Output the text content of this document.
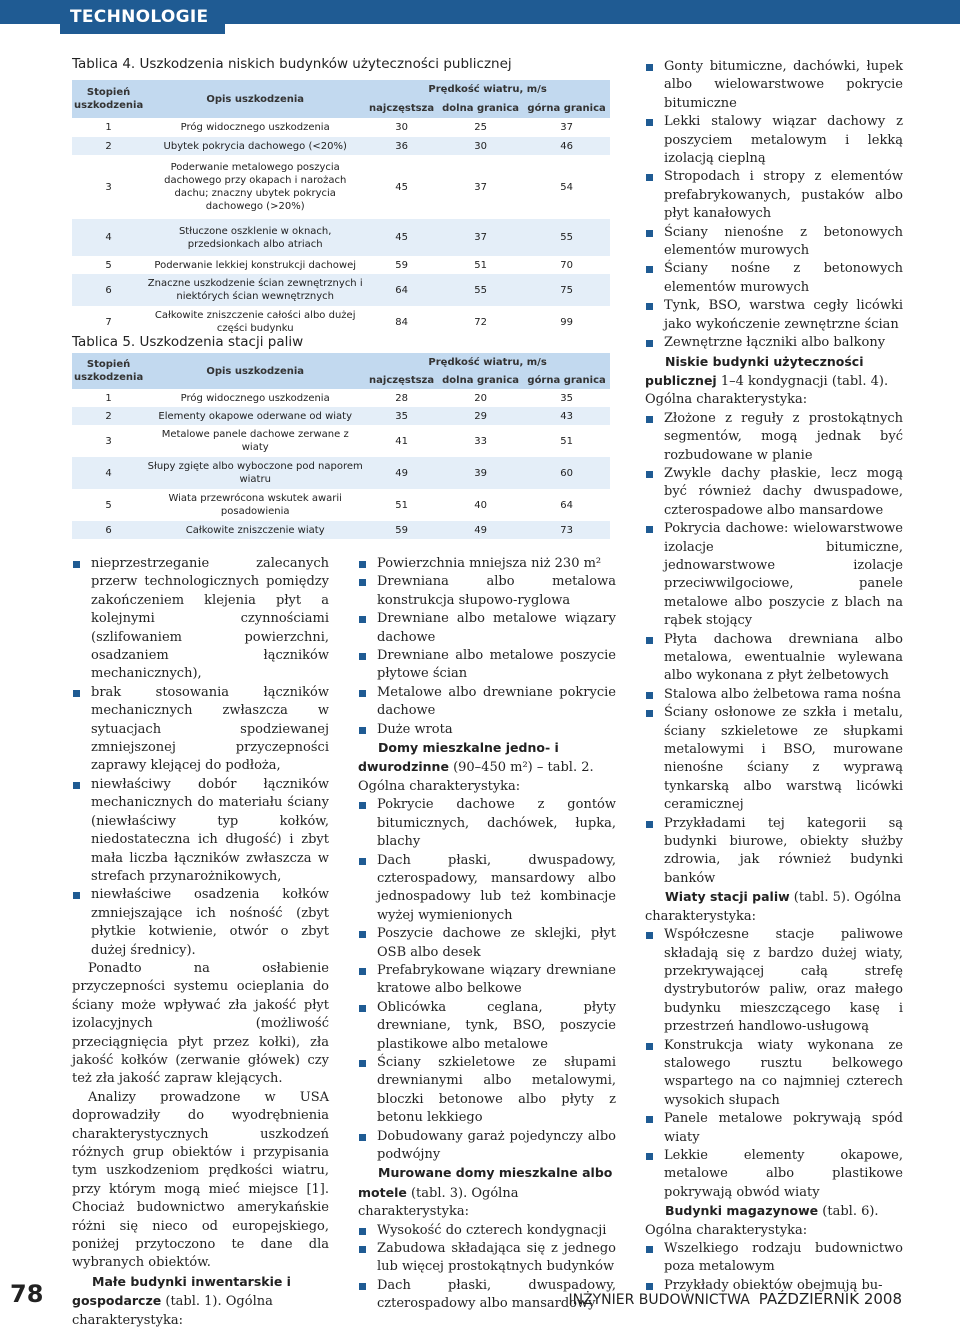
TECHNOLOGIE
Tablica 4. Uszkodzenia niskich budynków użyteczności publicznej
Stopień uszkodzenia	Opis uszkodzenia	Prędkość wiatru, m/s		
		najczęstsza	dolna granica	górna granica
1	Próg widocznego uszkodzenia	30	25	37
2	Ubytek pokrycia dachowego (<20%)	36	30	46
3	Poderwanie metalowego poszycia dachowego przy okapach i narożach dachu; znaczny ubytek pokrycia dachowego (>20%)	45	37	54
4	Stłuczone oszklenie w oknach, przedsionkach albo atriach	45	37	55
5	Poderwanie lekkiej konstrukcji dachowej	59	51	70
6	Znaczne uszkodzenie ścian zewnętrznych i niektórych ścian wewnętrznych	64	55	75
7	Całkowite zniszczenie całości albo dużej części budynku	84	72	99
Tablica 5. Uszkodzenia stacji paliw
Stopień uszkodzenia	Opis uszkodzenia	Prędkość wiatru, m/s		
		najczęstsza	dolna granica	górna granica
1	Próg widocznego uszkodzenia	28	20	35
2	Elementy okapowe oderwane od wiaty	35	29	43
3	Metalowe panele dachowe zerwane z wiaty	41	33	51
4	Słupy zgięte albo wyboczone pod naporem wiatru	49	39	60
5	Wiata przewrócona wskutek awarii posadowienia	51	40	64
6	Całkowite zniszczenie wiaty	59	49	73
nieprzestrzeganie zalecanych przerw technologicznych pomiędzy zakończeniem klejenia płyt a kolejnymi czynnościami (szlifowaniem powierzchni, osadzaniem łączników mechanicznych),
brak stosowania łączników mechanicznych zwłaszcza w sytuacjach spodziewanej zmniejszonej przyczepności zaprawy klejącej do podłoża,
niewłaściwy dobór łączników mechanicznych do materiału ściany (niewłaściwy typ kołków, niedostateczna ich długość) i zbyt mała liczba łączników zwłaszcza w strefach przynarożnikowych,
niewłaściwe osadzenia kołków zmniejszające ich nośność (zbyt płytkie kotwienie, otwór o zbyt dużej średnicy).

Ponadto na osłabienie przyczepności systemu ocieplania do ściany może wpływać zła jakość płyt izolacyjnych (możliwość przeciągnięcia płyt przez kołki), zła jakość kołków (zerwanie główek) czy też zła jakość zapraw klejących.

Analizy prowadzone w USA doprowadziły do wyodrębnienia charakterystycznych uszkodzeń różnych grup obiektów i przypisania tym uszkodzeniom prędkości wiatru, przy którym mogą mieć miejsce [1]. Chociaż budownictwo amerykańskie różni się nieco od europejskiego, poniżej przytoczono te dane dla wybranych obiektów.

Małe budynki inwentarskie i gospodarcze (tabl. 1). Ogólna charakterystyka:

Powierzchnia mniejsza niż 230 m²
Drewniana albo metalowa konstrukcja słupowo-ryglowa
Drewniane albo metalowe wiązary dachowe
Drewniane albo metalowe poszycie płytowe ścian
Metalowe albo drewniane pokrycie dachowe
Duże wrota

Domy mieszkalne jedno- i dwurodzinne (90–450 m²) – tabl. 2. Ogólna charakterystyka:

Pokrycie dachowe z gontów bitumicznych, dachówek, łupka, blachy
Dach płaski, dwuspadowy, czterospadowy, mansardowy albo jednospadowy lub też kombinacje wyżej wymienionych
Poszycie dachowe ze sklejki, płyt OSB albo desek
Prefabrykowane wiązary drewniane kratowe albo belkowe
Oblicówka ceglana, płyty drewnianе, tynk, BSO, poszycie plastikowe albo metalowe
Ściany szkieletowe ze słupami drewnianymi albo metalowymi, bloczki betonowe albo płyty z betonu lekkiego
Dobudowany garaż pojedynczy albo podwójny

Murowane domy mieszkalne albo motele (tabl. 3). Ogólna charakterystyka:

Wysokość do czterech kondygnacji
Zabudowa składająca się z jednego lub więcej prostokątnych budynków
Dach płaski, dwuspadowy, czterospadowy albo mansardowy
Gonty bitumiczne, dachówki, łupek albo wielowarstwowe pokrycie bitumiczne
Lekki stalowy wiązar dachowy z poszyciem metalowym i lekką izolacją cieplną
Stropodach i stropy z elementów prefabrykowanych, pustaków albo płyt kanałowych
Ściany nienośne z betonowych elementów murowych
Ściany nośne z betonowych elementów murowych
Tynk, BSO, warstwa cegły licówki jako wykończenie zewnętrzne ścian
Zewnętrzne łączniki albo balkony

Niskie budynki użyteczności publicznej 1–4 kondygnacji (tabl. 4). Ogólna charakterystyka:

Złożone z reguły z prostokątnych segmentów, mogą jednak być rozbudowane w planie
Zwykle dachy płaskie, lecz mogą być również dachy dwuspadowe, czterospadowe albo mansardowe
Pokrycia dachowe: wielowarstwowe izolacje bitumiczne, jednowarstwowe izolacje przeciwwilgociowe, panele metalowe albo poszycie z blach na rąbek stojący
Płyta dachowa drewniana albo metalowa, ewentualnie wylewana albo wykonana z płyt żelbetowych
Stalowa albo żelbetowa rama nośna
Ściany osłonowe ze szkła i metalu, ściany szkieletowe ze słupkami metalowymi i BSO, murowane nienośne ściany z wyprawą tynkarską albo warstwą licówki ceramicznej
Przykładami tej kategorii są budynki biurowe, obiekty służby zdrowia, jak również budynki banków

Wiaty stacji paliw (tabl. 5). Ogólna charakterystyka:

Współczesne stacje paliwowe składają się z bardzo dużej wiaty, przekrywającej całą strefę dystrybutorów paliw, oraz małego budynku mieszczącego kasę i przestrzeń handlowo-usługową
Konstrukcja wiaty wykonana ze stalowego rusztu belkowego wspartego na co najmniej czterech wysokich słupach
Panele metalowe pokrywają spód wiaty
Lekkie elementy okapowe, metalowe albo plastikowe pokrywają obwód wiaty

Budynki magazynowe (tabl. 6). Ogólna charakterystyka:

Wszelkiego rodzaju budownictwo poza metalowym
Przykłady obiektów obejmują bu-
78	INŻYNIER BUDOWNICTWA PAŹDZIERNIK 2008
